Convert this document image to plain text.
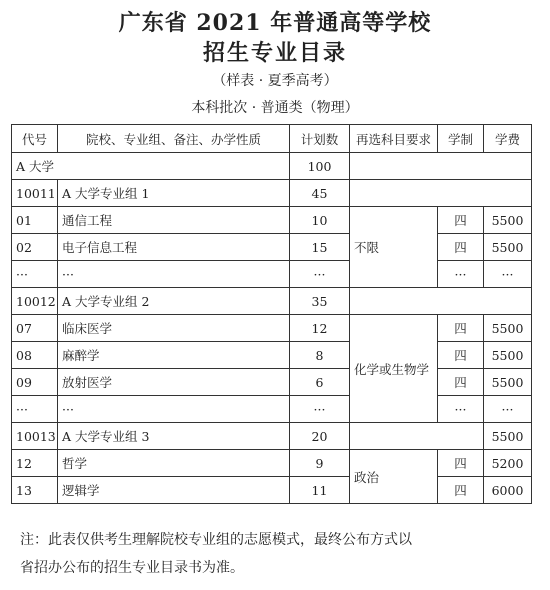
广东省 2021 年普通高等学校
招生专业目录
（样表 · 夏季高考）
本科批次 · 普通类（物理）
代号	院校、专业组、备注、办学性质	计划数	再选科目要求	学制	学费
A 大学		100			
10011	A 大学专业组 1	45			
01	通信工程	10	不限	四	5500
02	电子信息工程	15		四	5500
···	···	···		···	···
10012	A 大学专业组 2	35			
07	临床医学	12	化学或生物学	四	5500
08	麻醉学	8		四	5500
09	放射医学	6		四	5500
···	···	···		···	···
10013	A 大学专业组 3	20			5500
12	哲学	9	政治	四	5200
13	逻辑学	11		四	6000
注：此表仅供考生理解院校专业组的志愿模式，最终公布方式以
省招办公布的招生专业目录书为准。
